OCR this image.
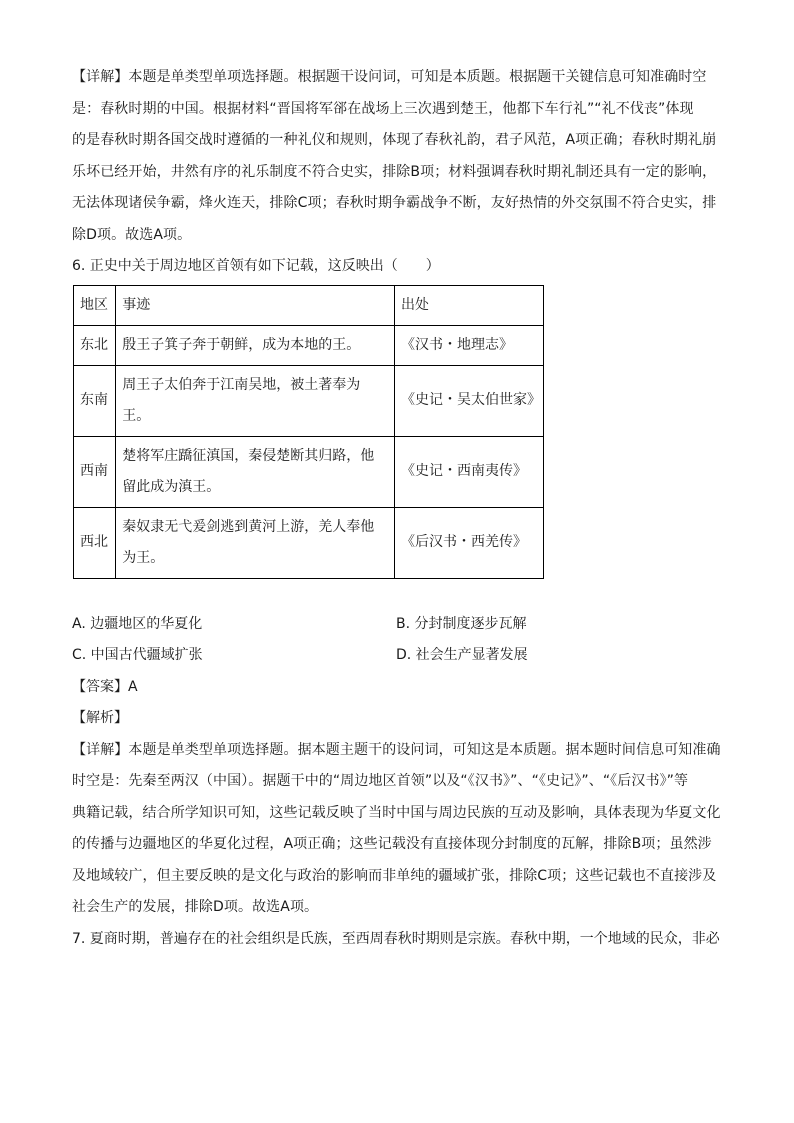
【详解】本题是单类型单项选择题。根据题干设问词，可知是本质题。根据题干关键信息可知准确时空
是：春秋时期的中国。根据材料“晋国将军郤在战场上三次遇到楚王，他都下车行礼”“礼不伐丧”体现
的是春秋时期各国交战时遵循的一种礼仪和规则，体现了春秋礼韵，君子风范，A项正确；春秋时期礼崩
乐坏已经开始，井然有序的礼乐制度不符合史实，排除B项；材料强调春秋时期礼制还具有一定的影响，
无法体现诸侯争霸，烽火连天，排除C项；春秋时期争霸战争不断，友好热情的外交氛围不符合史实，排
除D项。故选A项。
6. 正史中关于周边地区首领有如下记载，这反映出（　　）
地区	事迹	出处
东北	殷王子箕子奔于朝鲜，成为本地的王。	《汉书・地理志》
东南	周王子太伯奔于江南吴地，被土著奉为王。	《史记・吴太伯世家》
西南	楚将军庄蹻征滇国，秦侵楚断其归路，他留此成为滇王。	《史记・西南夷传》
西北	秦奴隶无弋爰剑逃到黄河上游，羌人奉他为王。	《后汉书・西羌传》
A. 边疆地区的华夏化	B. 分封制度逐步瓦解
C. 中国古代疆域扩张	D. 社会生产显著发展
【答案】A
【解析】
【详解】本题是单类型单项选择题。据本题主题干的设问词，可知这是本质题。据本题时间信息可知准确
时空是：先秦至两汉（中国）。据题干中的“周边地区首领”以及“《汉书》”、“《史记》”、“《后汉书》”等
典籍记载，结合所学知识可知，这些记载反映了当时中国与周边民族的互动及影响，具体表现为华夏文化
的传播与边疆地区的华夏化过程，A项正确；这些记载没有直接体现分封制度的瓦解，排除B项；虽然涉
及地域较广，但主要反映的是文化与政治的影响而非单纯的疆域扩张，排除C项；这些记载也不直接涉及
社会生产的发展，排除D项。故选A项。
7. 夏商时期，普遍存在的社会组织是氏族，至西周春秋时期则是宗族。春秋中期，一个地域的民众，非必
